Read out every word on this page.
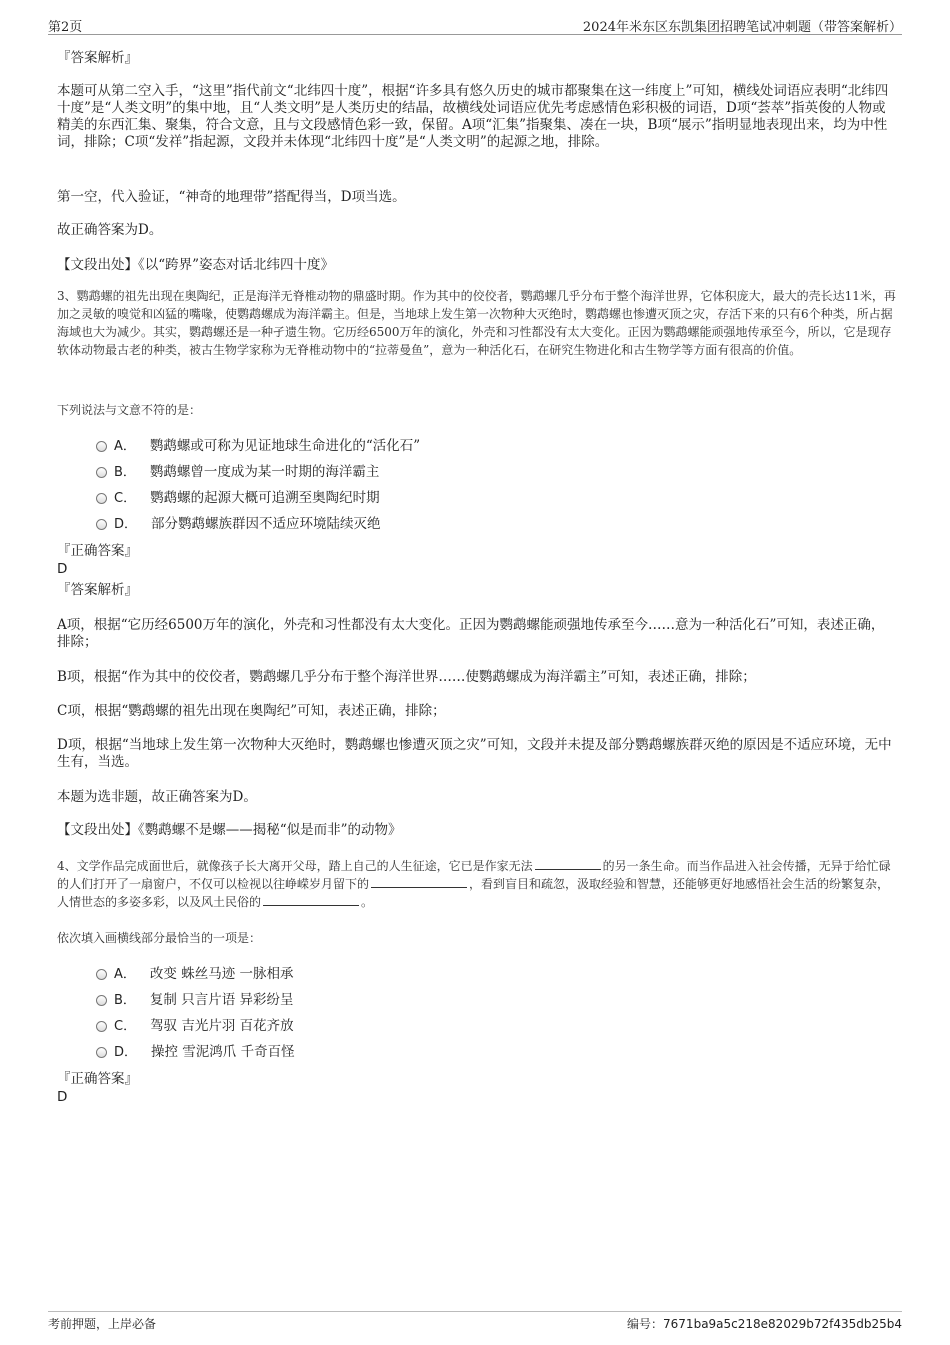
第2页	2024年米东区东凯集团招聘笔试冲刺题（带答案解析）

『答案解析』

本题可从第二空入手，“这里”指代前文“北纬四十度”，根据“许多具有悠久历史的城市都聚集在这一纬度上”可知，横线处词语应表明“北纬四十度”是“人类文明”的集中地，且“人类文明”是人类历史的结晶，故横线处词语应优先考虑感情色彩积极的词语，D项“荟萃”指英俊的人物或精美的东西汇集、聚集，符合文意，且与文段感情色彩一致，保留。A项“汇集”指聚集、凑在一块，B项“展示”指明显地表现出来，均为中性词，排除；C项“发祥”指起源，文段并未体现“北纬四十度”是“人类文明”的起源之地，排除。

第一空，代入验证，“神奇的地理带”搭配得当，D项当选。

故正确答案为D。

【文段出处】《以“跨界”姿态对话北纬四十度》

3、鹦鹉螺的祖先出现在奥陶纪，正是海洋无脊椎动物的鼎盛时期。作为其中的佼佼者，鹦鹉螺几乎分布于整个海洋世界，它体积庞大，最大的壳长达11米，再加之灵敏的嗅觉和凶猛的嘴喙，使鹦鹉螺成为海洋霸主。但是，当地球上发生第一次物种大灭绝时，鹦鹉螺也惨遭灭顶之灾，存活下来的只有6个种类，所占据海域也大为减少。其实，鹦鹉螺还是一种孑遗生物。它历经6500万年的演化，外壳和习性都没有太大变化。正因为鹦鹉螺能顽强地传承至今，所以，它是现存软体动物最古老的种类，被古生物学家称为无脊椎动物中的“拉蒂曼鱼”，意为一种活化石，在研究生物进化和古生物学等方面有很高的价值。

下列说法与文意不符的是：

A． 鹦鹉螺或可称为见证地球生命进化的“活化石”
B． 鹦鹉螺曾一度成为某一时期的海洋霸主
C． 鹦鹉螺的起源大概可追溯至奥陶纪时期
D． 部分鹦鹉螺族群因不适应环境陆续灭绝

『正确答案』

D

『答案解析』

A项，根据“它历经6500万年的演化，外壳和习性都没有太大变化。正因为鹦鹉螺能顽强地传承至今……意为一种活化石”可知，表述正确，排除；

B项，根据“作为其中的佼佼者，鹦鹉螺几乎分布于整个海洋世界……使鹦鹉螺成为海洋霸主”可知，表述正确，排除；

C项，根据“鹦鹉螺的祖先出现在奥陶纪”可知，表述正确，排除；

D项，根据“当地球上发生第一次物种大灭绝时，鹦鹉螺也惨遭灭顶之灾”可知，文段并未提及部分鹦鹉螺族群灭绝的原因是不适应环境，无中生有，当选。

本题为选非题，故正确答案为D。

【文段出处】《鹦鹉螺不是螺——揭秘“似是而非”的动物》

4、文学作品完成面世后，就像孩子长大离开父母，踏上自己的人生征途，它已是作家无法	的另一条生命。而当作品进入社会传播，无异于给忙碌的人们打开了一扇窗户，不仅可以检视以往峥嵘岁月留下的	，看到盲目和疏忽，汲取经验和智慧，还能够更好地感悟社会生活的纷繁复杂，人情世态的多姿多彩，以及风土民俗的	。

依次填入画横线部分最恰当的一项是：

A． 改变 蛛丝马迹 一脉相承
B． 复制 只言片语 异彩纷呈
C． 驾驭 吉光片羽 百花齐放
D． 操控 雪泥鸿爪 千奇百怪

『正确答案』

D

考前押题，上岸必备	编号：7671ba9a5c218e82029b72f435db25b4
